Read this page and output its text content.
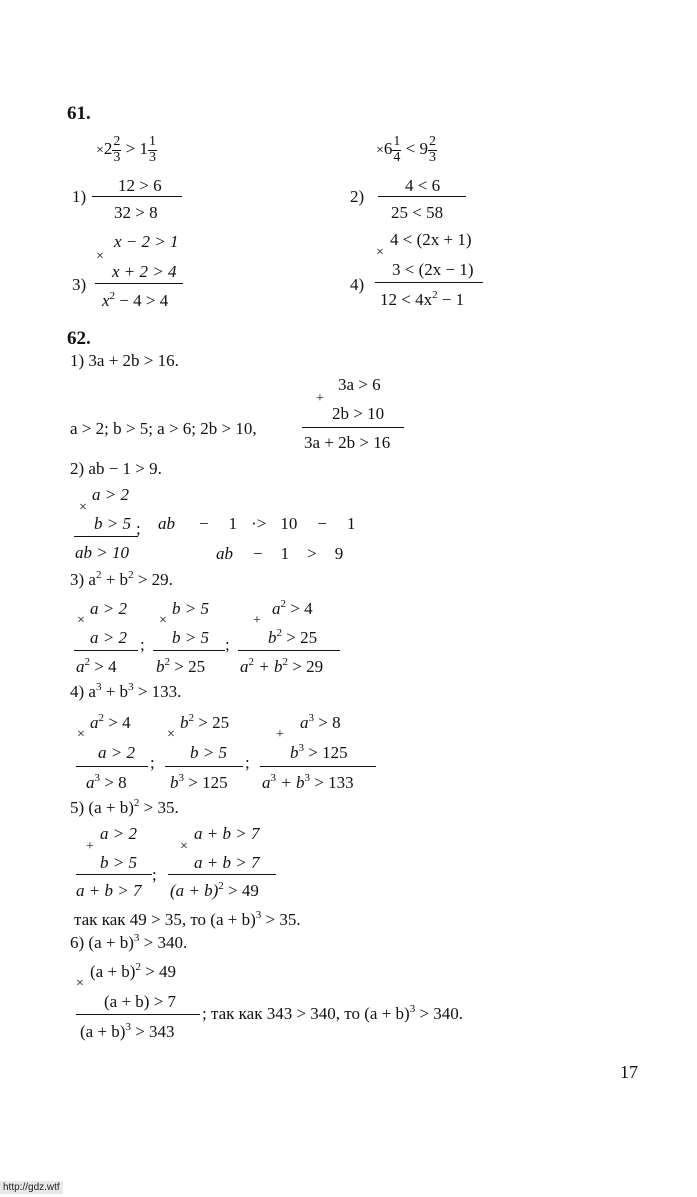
61.
$\times 2 \frac{2}{3} > 1 \frac{1}{3}$
1)
12 > 6
32 > 8
$\times 6 \frac{1}{4} < 9 \frac{2}{3}$
2)
4 < 6
25 < 58
x − 2 > 1
×
3)
x + 2 > 4
$x^2 - 4 > 4$
4 < (2x + 1)
×
4)
3 < (2x − 1)
$12 < 4x^2 - 1$
62.
1) 3a + 2b > 16.
3a > 6
+
2b > 10
a > 2; b > 5; a > 6; 2b > 10,
3a + 2b > 16
2) ab − 1 > 9.
a > 2
×
b > 5 ;
ab > 10
ab − 1 ·> 10 − 1
ab − 1 > 9
3) $a^2 + b^2 > 29$.
a > 2
×
a > 2 ;
$a^2 > 4$
b > 5
×
b > 5 ;
$b^2 > 25$
$a^2 > 4$
+
$b^2 > 25$
$a^2 + b^2 > 29$
4) $a^3 + b^3 > 133$.
$a^2 > 4$
×
a > 2
;
$a^3 > 8$
$b^2 > 25$
×
b > 5
;
$b^3 > 125$
$a^3 > 8$
+
$b^3 > 125$
$a^3 + b^3 > 133$
5) $(a + b)^2 > 35$.
a > 2
+
b > 5
;
a + b > 7
a + b > 7
×
a + b > 7
$(a + b)^2 > 49$
так как 49 > 35, то $(a + b)^3 > 35$.
6) $(a + b)^3 > 340$.
$(a + b)^2 > 49$
×
(a + b) > 7
$(a + b)^3 > 343$
; так как 343 > 340, то $(a + b)^3 > 340$.
17
http://gdz.wtf
